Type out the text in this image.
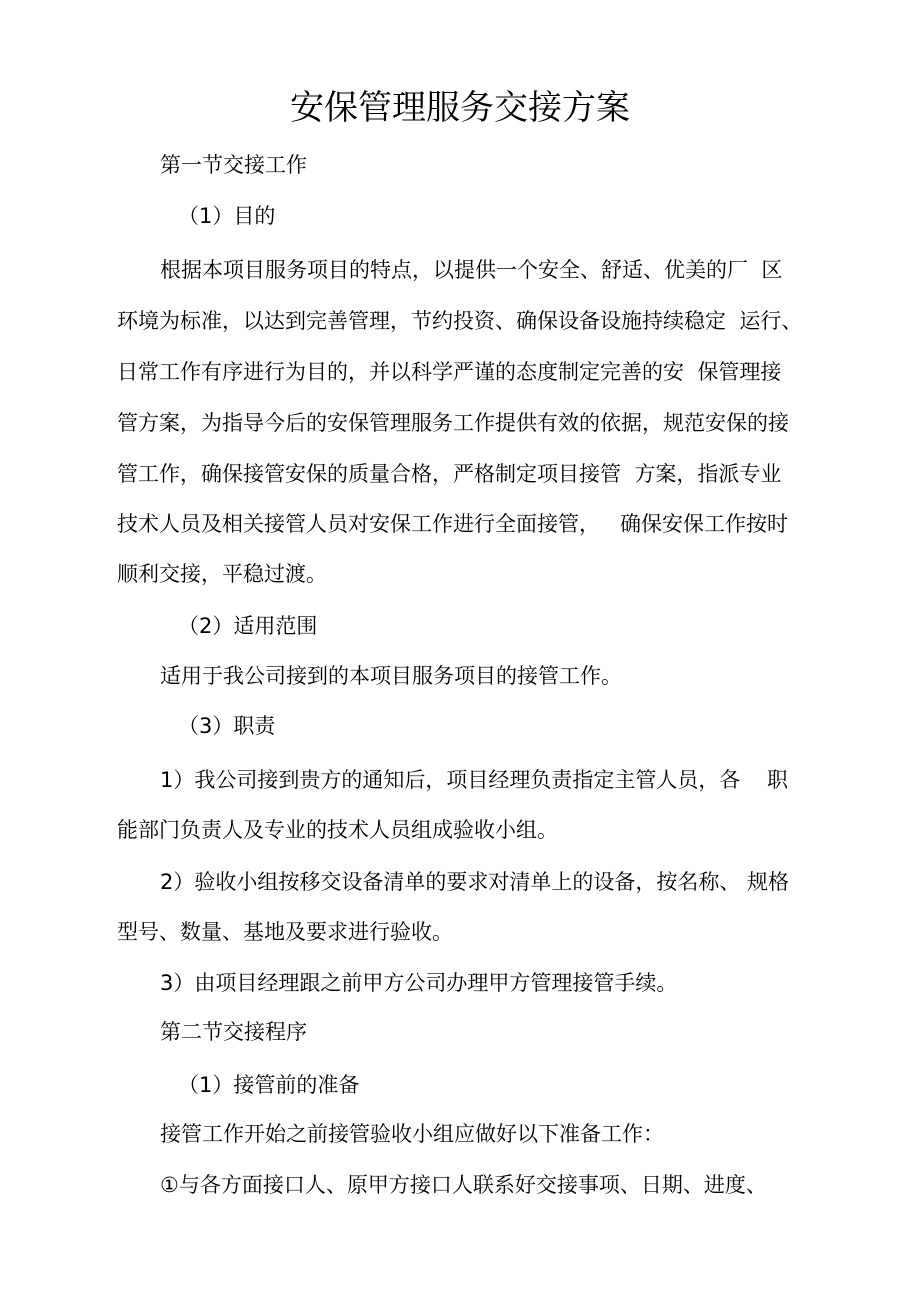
安保管理服务交接方案
第一节交接工作
（1）目的
根据本项目服务项目的特点，以提供一个安全、舒适、优美的厂  区
环境为标准，以达到完善管理，节约投资、确保设备设施持续稳定  运行、
日常工作有序进行为目的，并以科学严谨的态度制定完善的安  保管理接
管方案，为指导今后的安保管理服务工作提供有效的依据，规范安保的接
管工作，确保接管安保的质量合格，严格制定项目接管  方案，指派专业
技术人员及相关接管人员对安保工作进行全面接管，   确保安保工作按时
顺利交接，平稳过渡。
（2）适用范围
适用于我公司接到的本项目服务项目的接管工作。
（3）职责
1）我公司接到贵方的通知后，项目经理负责指定主管人员，各    职
能部门负责人及专业的技术人员组成验收小组。
2）验收小组按移交设备清单的要求对清单上的设备，按名称、 规格
型号、数量、基地及要求进行验收。
3）由项目经理跟之前甲方公司办理甲方管理接管手续。
第二节交接程序
（1）接管前的准备
接管工作开始之前接管验收小组应做好以下准备工作：
①与各方面接口人、原甲方接口人联系好交接事项、日期、进度、
